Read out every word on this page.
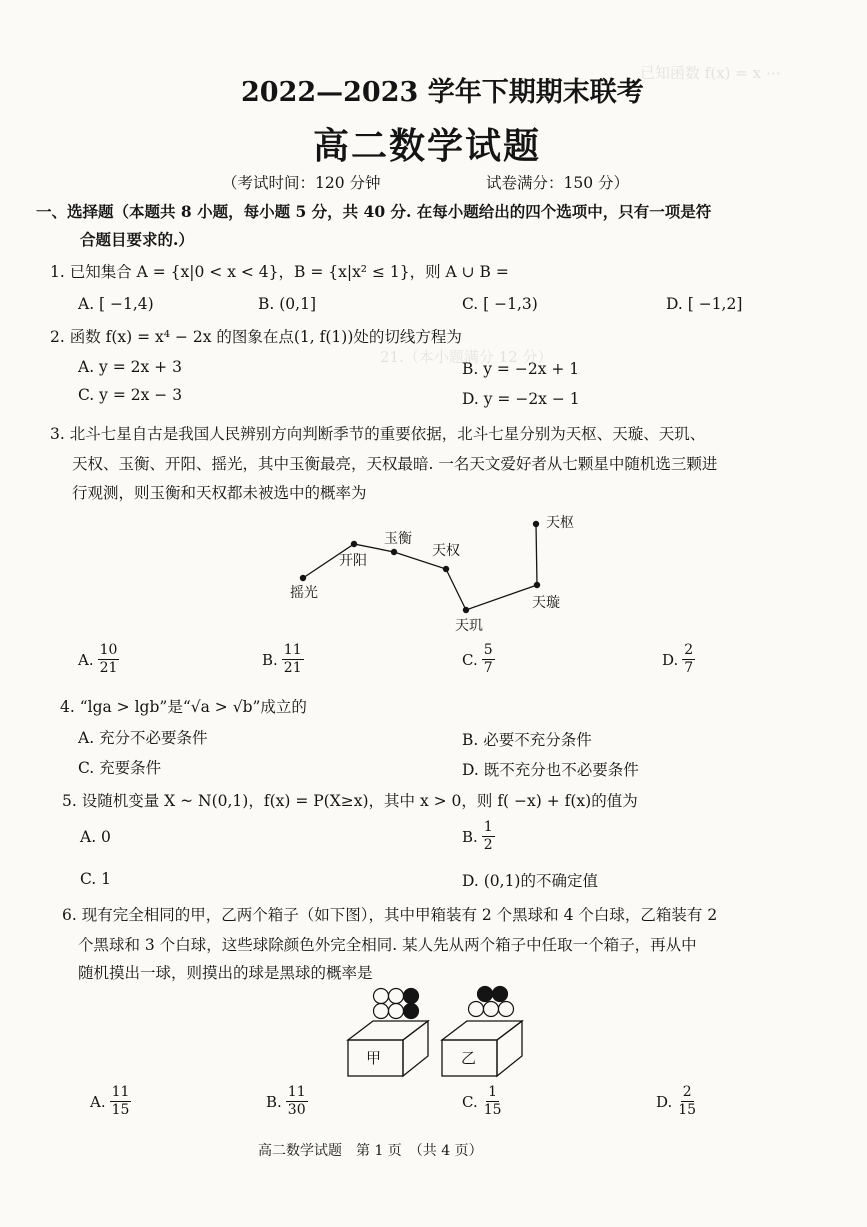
已知函数 f(x) = x ⋯
21.（本小题满分 12 分）
2022—2023 学年下期期末联考
高二数学试题
（考试时间：120 分钟	试卷满分：150 分）
一、选择题（本题共 8 小题，每小题 5 分，共 40 分. 在每小题给出的四个选项中，只有一项是符
合题目要求的.）
1. 已知集合 A = {x|0 < x < 4}，B = {x|x² ≤ 1}，则 A ∪ B =
A. [ −1,4)	B. (0,1]	C. [ −1,3)	D. [ −1,2]
2. 函数 f(x) = x⁴ − 2x 的图象在点(1, f(1))处的切线方程为
A. y = 2x + 3	B. y = −2x + 1
C. y = 2x − 3	D. y = −2x − 1
3. 北斗七星自古是我国人民辨别方向判断季节的重要依据，北斗七星分别为天枢、天璇、天玑、
天权、玉衡、开阳、摇光，其中玉衡最亮，天权最暗. 一名天文爱好者从七颗星中随机选三颗进
行观测，则玉衡和天权都未被选中的概率为
摇光
开阳
玉衡
天权
天玑
天璇
天枢
A. $\frac{10}{21}$	B. $\frac{11}{21}$	C. $\frac{5}{7}$	D. $\frac{2}{7}$
4. “lga > lgb”是“√a > √b”成立的
A. 充分不必要条件	B. 必要不充分条件
C. 充要条件	D. 既不充分也不必要条件
5. 设随机变量 X ~ N(0,1)，f(x) = P(X≥x)，其中 x > 0，则 f( −x) + f(x)的值为
A. 0	B. $\frac{1}{2}$
C. 1	D. (0,1)的不确定值
6. 现有完全相同的甲，乙两个箱子（如下图），其中甲箱装有 2 个黑球和 4 个白球，乙箱装有 2
个黑球和 3 个白球，这些球除颜色外完全相同. 某人先从两个箱子中任取一个箱子，再从中
随机摸出一球，则摸出的球是黑球的概率是
甲	乙
A. $\frac{11}{15}$	B. $\frac{11}{30}$	C. $\frac{1}{15}$	D. $\frac{2}{15}$
高二数学试题　第 1 页　（共 4 页）
